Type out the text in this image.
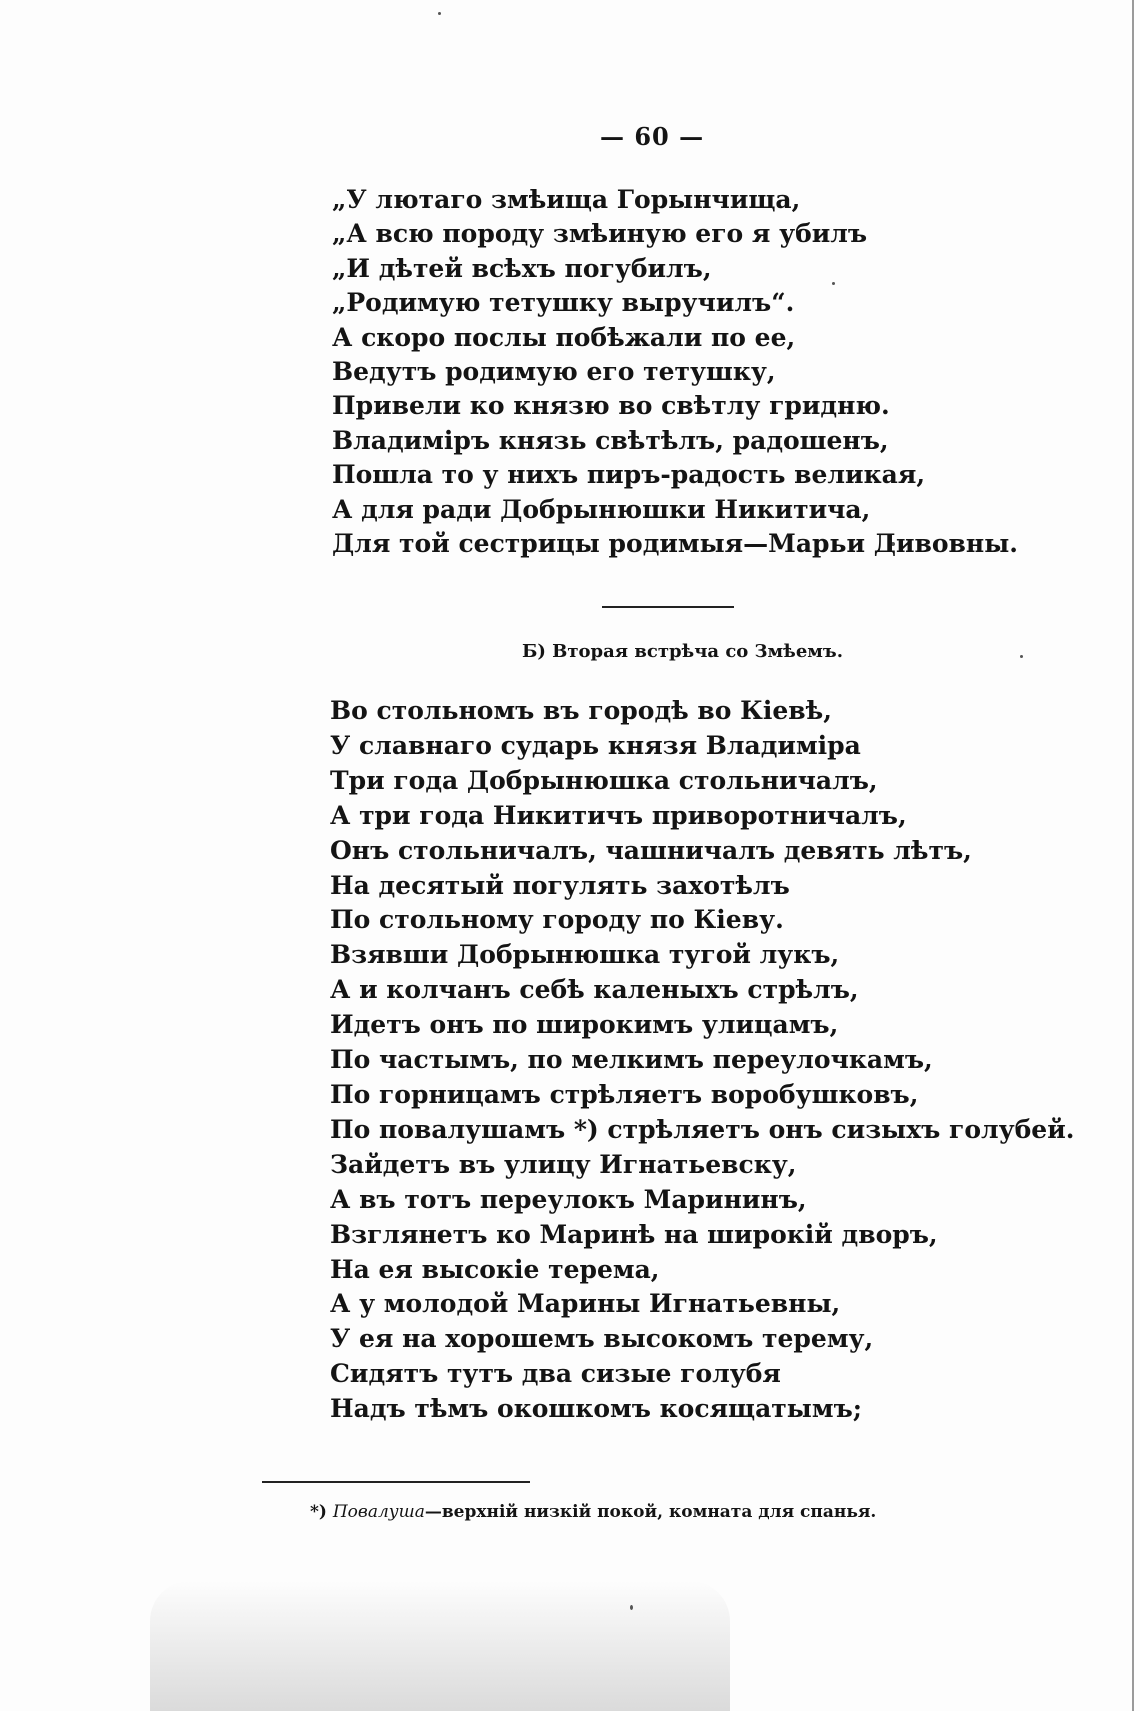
— 60 —
„У лютаго змѣища Горынчища,
„А всю породу змѣиную его я убилъ
„И дѣтей всѣхъ погубилъ,
„Родимую тетушку выручилъ“.
А скоро послы побѣжали по ее,
Ведутъ родимую его тетушку,
Привели ко князю во свѣтлу гридню.
Владиміръ князь свѣтѣлъ, радошенъ,
Пошла то у нихъ пиръ-радость великая,
А для ради Добрынюшки Никитича,
Для той сестрицы родимыя—Марьи Дивовны.
Б) Вторая встрѣча со Змѣемъ.
Во стольномъ въ городѣ во Кіевѣ,
У славнаго сударь князя Владиміра
Три года Добрынюшка стольничалъ,
А три года Никитичъ приворотничалъ,
Онъ стольничалъ, чашничалъ девять лѣтъ,
На десятый погулять захотѣлъ
По стольному городу по Кіеву.
Взявши Добрынюшка тугой лукъ,
А и колчанъ себѣ каленыхъ стрѣлъ,
Идетъ онъ по широкимъ улицамъ,
По частымъ, по мелкимъ переулочкамъ,
По горницамъ стрѣляетъ воробушковъ,
По повалушамъ *) стрѣляетъ онъ сизыхъ голубей.
Зайдетъ въ улицу Игнатьевску,
А въ тотъ переулокъ Марининъ,
Взглянетъ ко Маринѣ на широкій дворъ,
На ея высокіе терема,
А у молодой Марины Игнатьевны,
У ея на хорошемъ высокомъ терему,
Сидятъ тутъ два сизые голубя
Надъ тѣмъ окошкомъ косящатымъ;
*) Повалуша—верхній низкій покой, комната для спанья.
